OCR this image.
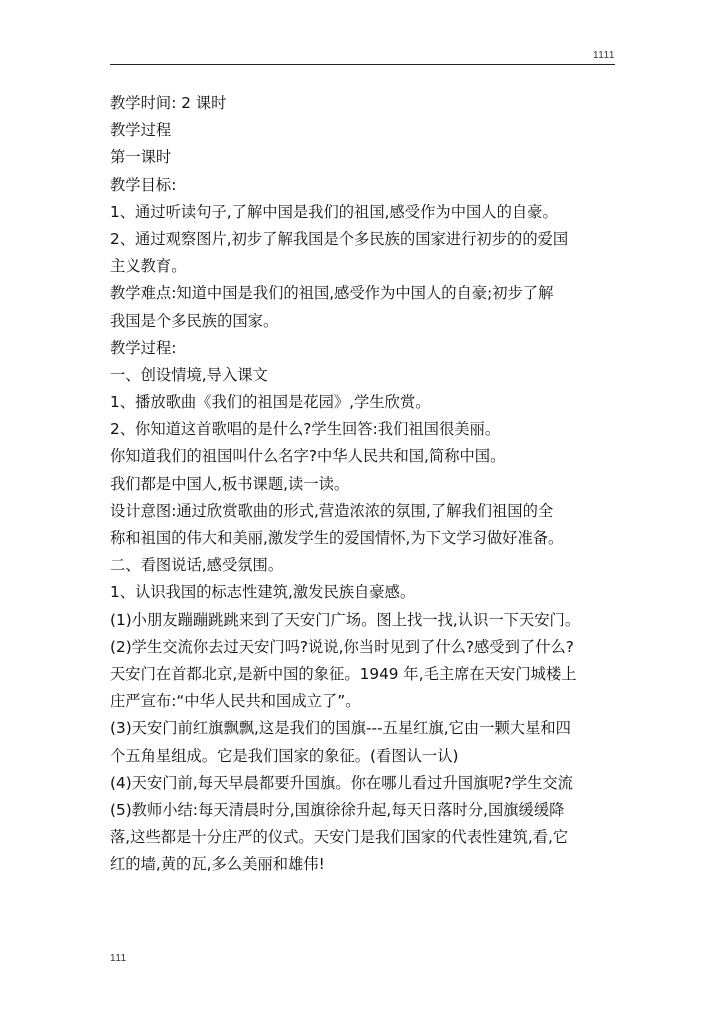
1111
教学时间: 2 课时
教学过程
第一课时
教学目标:
1、通过听读句子,了解中国是我们的祖国,感受作为中国人的自豪。
2、通过观察图片,初步了解我国是个多民族的国家进行初步的的爱国
主义教育。
教学难点:知道中国是我们的祖国,感受作为中国人的自豪;初步了解
我国是个多民族的国家。
教学过程:
一、创设情境,导入课文
1、播放歌曲《我们的祖国是花园》,学生欣赏。
2、你知道这首歌唱的是什么?学生回答:我们祖国很美丽。
你知道我们的祖国叫什么名字?中华人民共和国,简称中国。
我们都是中国人,板书课题,读一读。
设计意图:通过欣赏歌曲的形式,营造浓浓的氛围,了解我们祖国的全
称和祖国的伟大和美丽,激发学生的爱国情怀,为下文学习做好准备。
二、看图说话,感受氛围。
1、认识我国的标志性建筑,激发民族自豪感。
(1)小朋友蹦蹦跳跳来到了天安门广场。图上找一找,认识一下天安门。
(2)学生交流你去过天安门吗?说说,你当时见到了什么?感受到了什么?
天安门在首都北京,是新中国的象征。1949 年,毛主席在天安门城楼上
庄严宣布:“中华人民共和国成立了”。
(3)天安门前红旗飘飘,这是我们的国旗---五星红旗,它由一颗大星和四
个五角星组成。它是我们国家的象征。(看图认一认)
(4)天安门前,每天早晨都要升国旗。你在哪儿看过升国旗呢?学生交流
(5)教师小结:每天清晨时分,国旗徐徐升起,每天日落时分,国旗缓缓降
落,这些都是十分庄严的仪式。天安门是我们国家的代表性建筑,看,它
红的墙,黄的瓦,多么美丽和雄伟!
111
